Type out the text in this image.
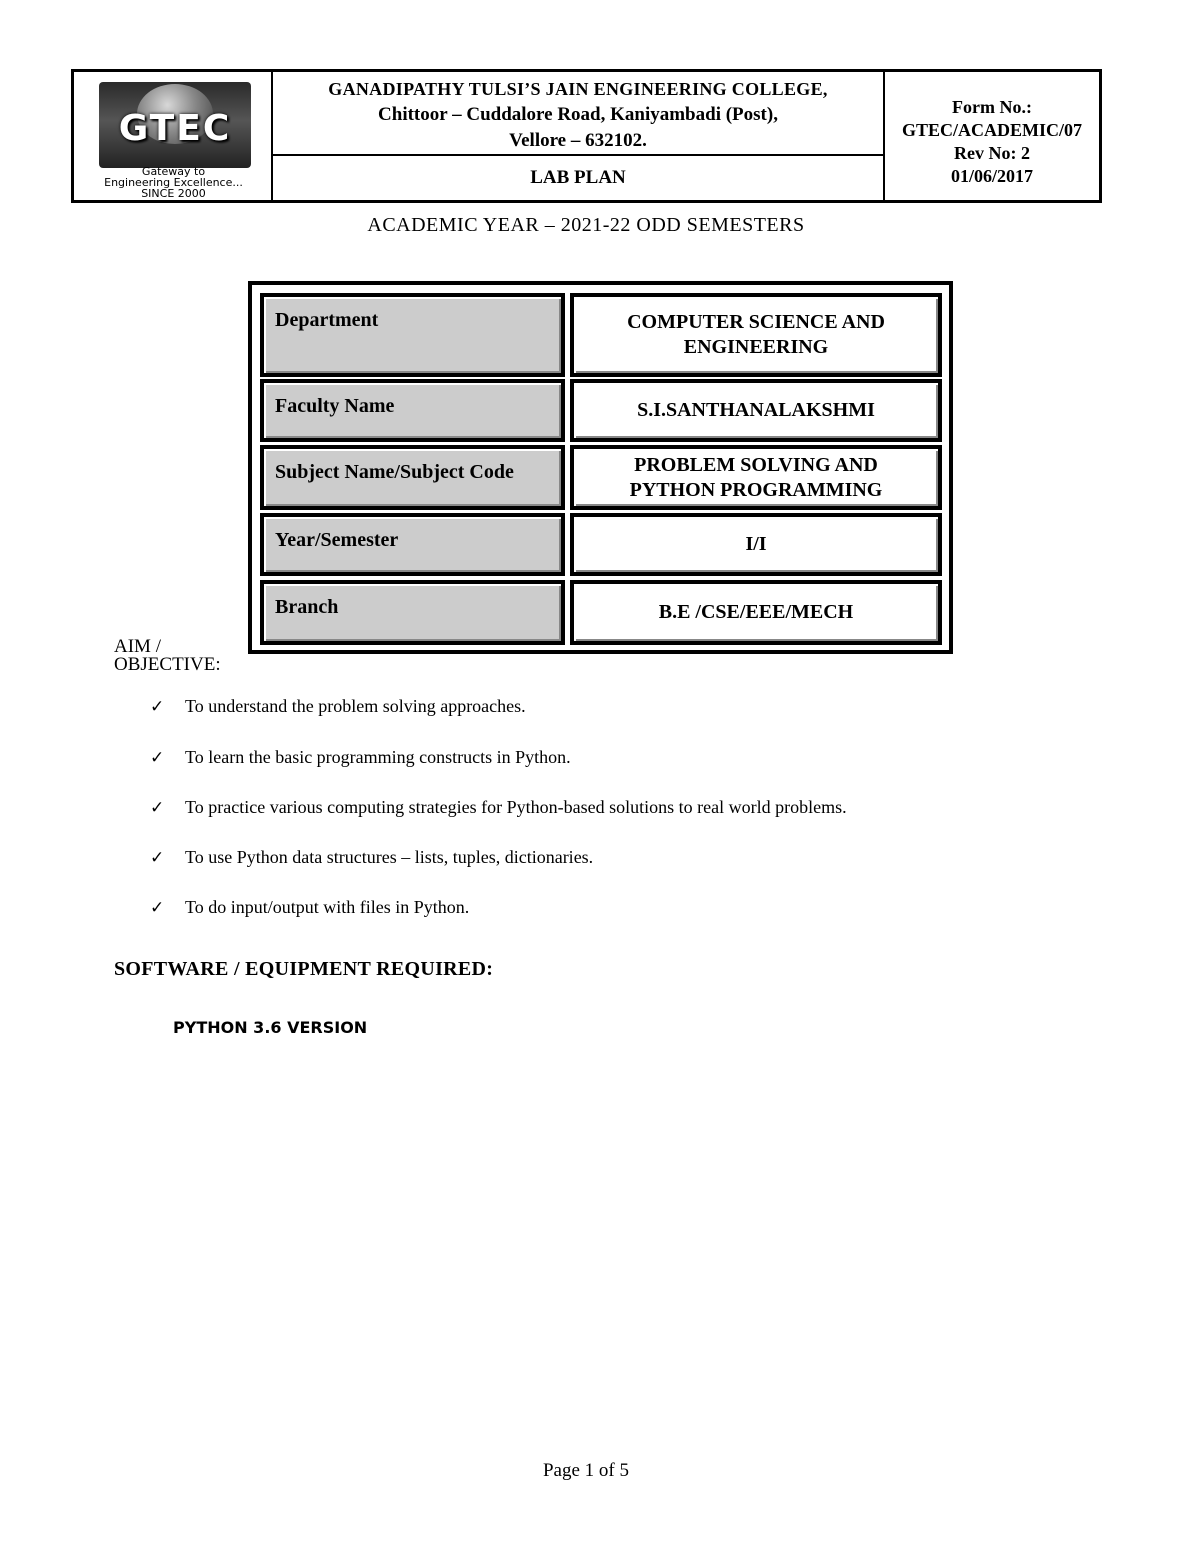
GTEC
Gateway to
Engineering Excellence...
SINCE 2000
GANADIPATHY TULSI’S JAIN ENGINEERING COLLEGE,
Chittoor – Cuddalore Road, Kaniyambadi (Post),
Vellore – 632102.
LAB PLAN
Form No.:
GTEC/ACADEMIC/07
Rev No: 2
01/06/2017
ACADEMIC YEAR – 2021-22 ODD SEMESTERS
Department	COMPUTER SCIENCE AND
ENGINEERING
Faculty Name	S.I.SANTHANALAKSHMI
Subject Name/Subject Code	PROBLEM SOLVING AND
PYTHON PROGRAMMING
Year/Semester	I/I
Branch	B.E /CSE/EEE/MECH
AIM /
OBJECTIVE:
✓ To understand the problem solving approaches.
✓ To learn the basic programming constructs in Python.
✓ To practice various computing strategies for Python-based solutions to real world problems.
✓ To use Python data structures – lists, tuples, dictionaries.
✓ To do input/output with files in Python.
SOFTWARE / EQUIPMENT REQUIRED:
PYTHON 3.6 VERSION
Page 1 of 5
